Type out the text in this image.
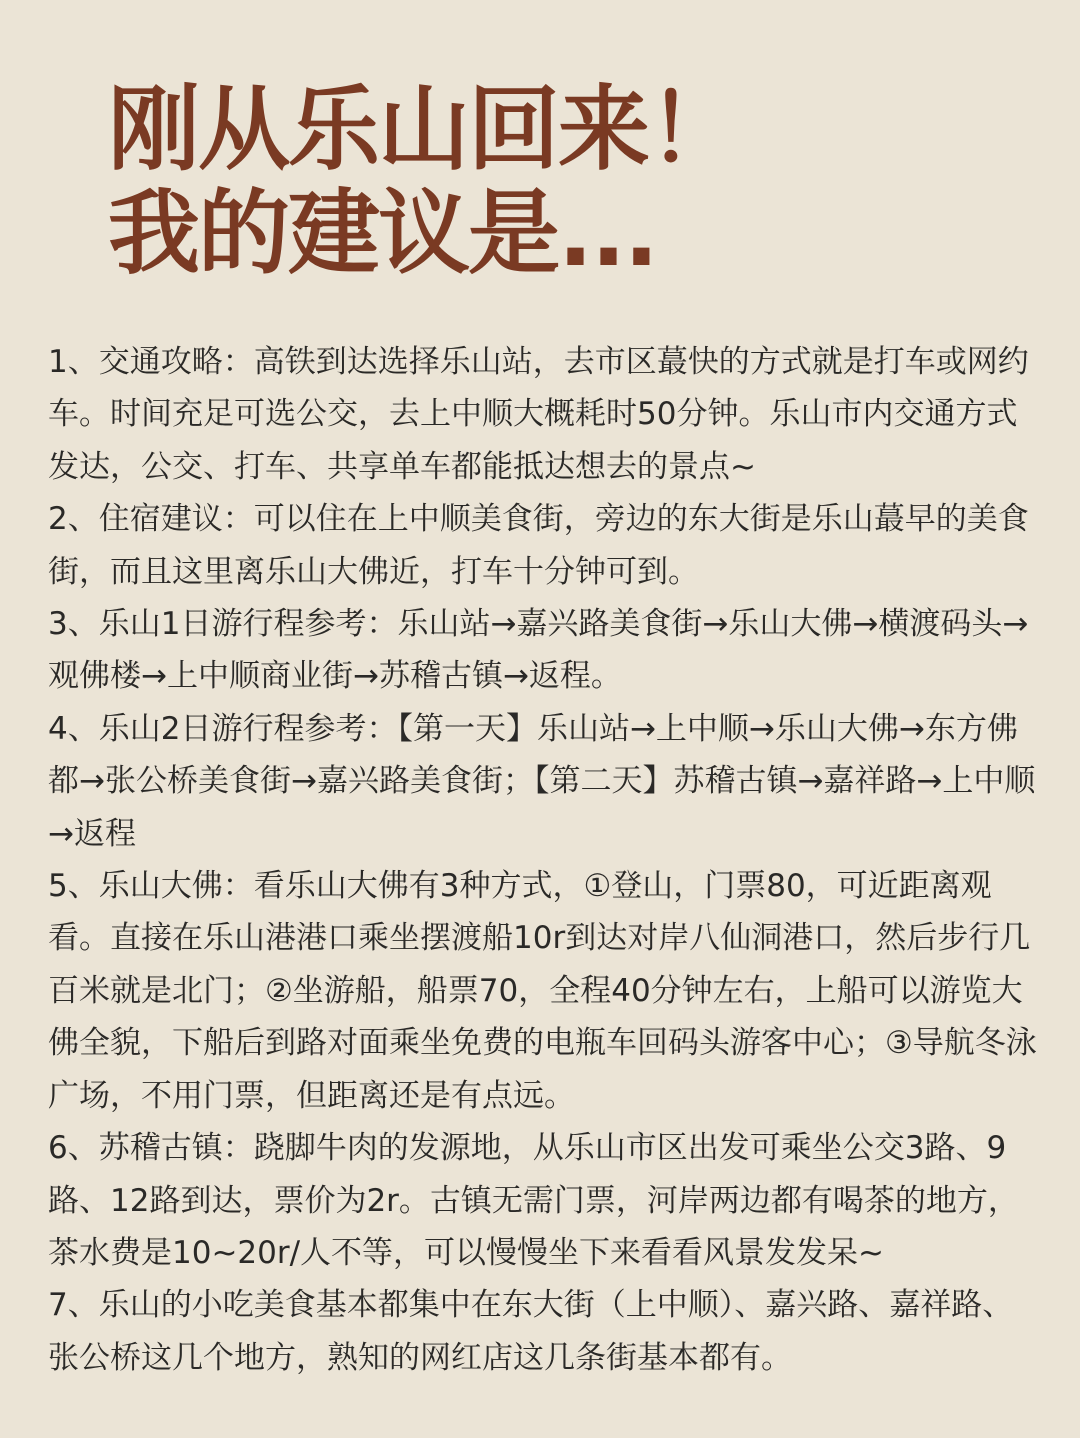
刚从乐山回来！
我的建议是...

1、交通攻略：高铁到达选择乐山站，去市区蕞快的方式就是打车或网约车。时间充足可选公交，去上中顺大概耗时50分钟。乐山市内交通方式发达，公交、打车、共享单车都能抵达想去的景点~

2、住宿建议：可以住在上中顺美食街，旁边的东大街是乐山蕞早的美食街，而且这里离乐山大佛近，打车十分钟可到。

3、乐山1日游行程参考：乐山站→嘉兴路美食街→乐山大佛→横渡码头→观佛楼→上中顺商业街→苏稽古镇→返程。

4、乐山2日游行程参考：【第一天】乐山站→上中顺→乐山大佛→东方佛都→张公桥美食街→嘉兴路美食街；【第二天】苏稽古镇→嘉祥路→上中顺→返程

5、乐山大佛：看乐山大佛有3种方式，①登山，门票80，可近距离观看。直接在乐山港港口乘坐摆渡船10r到达对岸八仙洞港口，然后步行几百米就是北门；②坐游船，船票70，全程40分钟左右，上船可以游览大佛全貌，下船后到路对面乘坐免费的电瓶车回码头游客中心；③导航冬泳广场，不用门票，但距离还是有点远。

6、苏稽古镇：跷脚牛肉的发源地，从乐山市区出发可乘坐公交3路、9路、12路到达，票价为2r。古镇无需门票，河岸两边都有喝茶的地方，茶水费是10~20r/人不等，可以慢慢坐下来看看风景发发呆~

7、乐山的小吃美食基本都集中在东大街（上中顺）、嘉兴路、嘉祥路、张公桥这几个地方，熟知的网红店这几条街基本都有。
